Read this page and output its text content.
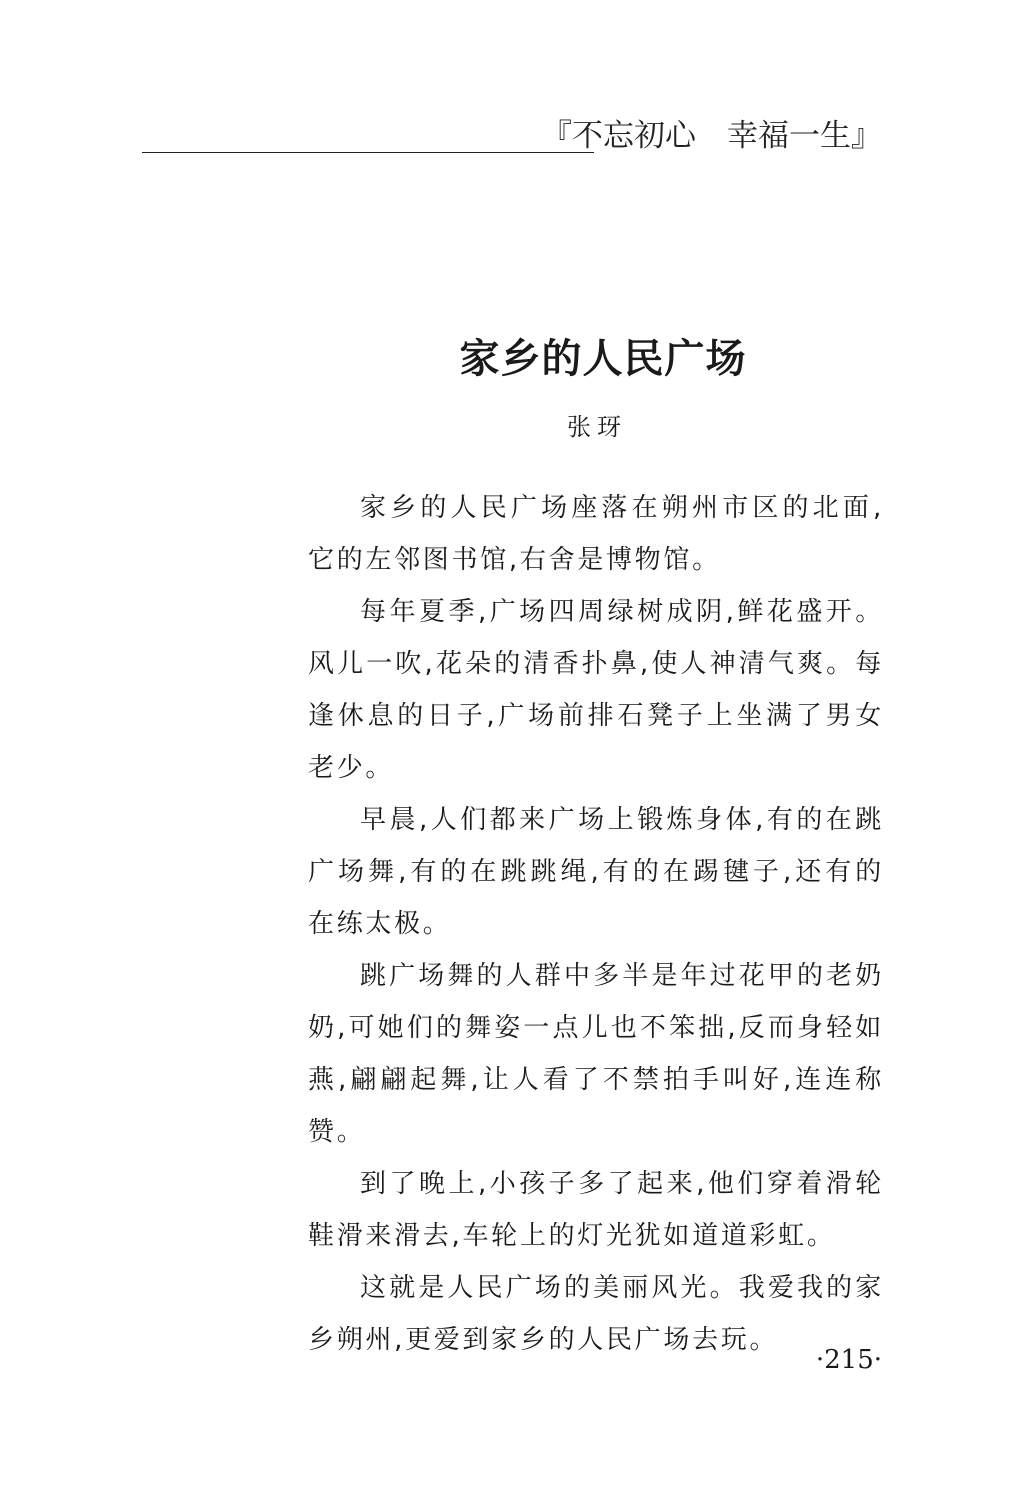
『不忘初心　幸福一生』
家乡的人民广场
张玡

家乡的人民广场座落在朔州市区的北面,它的左邻图书馆,右舍是博物馆。

每年夏季,广场四周绿树成阴,鲜花盛开。风儿一吹,花朵的清香扑鼻,使人神清气爽。每逢休息的日子,广场前排石凳子上坐满了男女老少。

早晨,人们都来广场上锻炼身体,有的在跳广场舞,有的在跳跳绳,有的在踢毽子,还有的在练太极。

跳广场舞的人群中多半是年过花甲的老奶奶,可她们的舞姿一点儿也不笨拙,反而身轻如燕,翩翩起舞,让人看了不禁拍手叫好,连连称赞。

到了晚上,小孩子多了起来,他们穿着滑轮鞋滑来滑去,车轮上的灯光犹如道道彩虹。

这就是人民广场的美丽风光。我爱我的家乡朔州,更爱到家乡的人民广场去玩。

·215·
